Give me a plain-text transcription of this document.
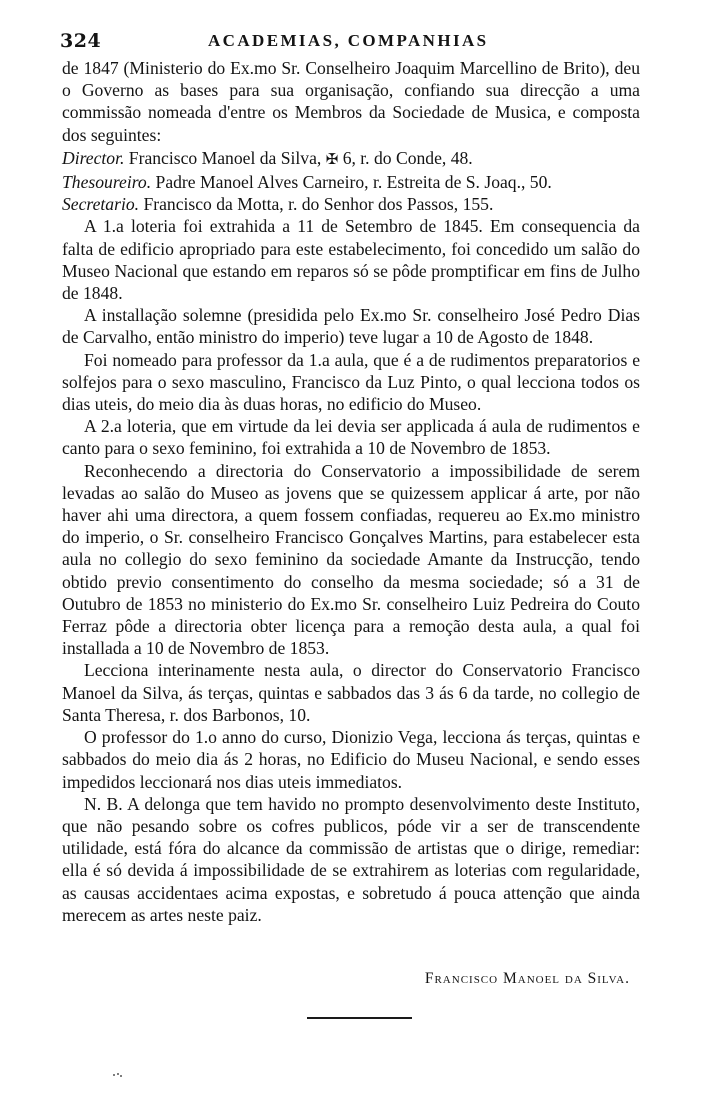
324	ACADEMIAS, COMPANHIAS

de 1847 (Ministerio do Ex.mo Sr. Conselheiro Joaquim Marcellino de Brito), deu o Governo as bases para sua organisação, confiando sua direcção a uma commissão nomeada d'entre os Membros da Sociedade de Musica, e composta dos seguintes:

Director. Francisco Manoel da Silva, ✠ 6, r. do Conde, 48.
Thesoureiro. Padre Manoel Alves Carneiro, r. Estreita de S. Joaq., 50.
Secretario. Francisco da Motta, r. do Senhor dos Passos, 155.

A 1.a loteria foi extrahida a 11 de Setembro de 1845. Em consequencia da falta de edificio apropriado para este estabelecimento, foi concedido um salão do Museo Nacional que estando em reparos só se pôde promptificar em fins de Julho de 1848.

A installação solemne (presidida pelo Ex.mo Sr. conselheiro José Pedro Dias de Carvalho, então ministro do imperio) teve lugar a 10 de Agosto de 1848.

Foi nomeado para professor da 1.a aula, que é a de rudimentos preparatorios e solfejos para o sexo masculino, Francisco da Luz Pinto, o qual lecciona todos os dias uteis, do meio dia às duas horas, no edificio do Museo.

A 2.a loteria, que em virtude da lei devia ser applicada á aula de rudimentos e canto para o sexo feminino, foi extrahida a 10 de Novembro de 1853.

Reconhecendo a directoria do Conservatorio a impossibilidade de serem levadas ao salão do Museo as jovens que se quizessem applicar á arte, por não haver ahi uma directora, a quem fossem confiadas, requereu ao Ex.mo ministro do imperio, o Sr. conselheiro Francisco Gonçalves Martins, para estabelecer esta aula no collegio do sexo feminino da sociedade Amante da Instrucção, tendo obtido previo consentimento do conselho da mesma sociedade; só a 31 de Outubro de 1853 no ministerio do Ex.mo Sr. conselheiro Luiz Pedreira do Couto Ferraz pôde a directoria obter licença para a remoção desta aula, a qual foi installada a 10 de Novembro de 1853.

Lecciona interinamente nesta aula, o director do Conservatorio Francisco Manoel da Silva, ás terças, quintas e sabbados das 3 ás 6 da tarde, no collegio de Santa Theresa, r. dos Barbonos, 10.

O professor do 1.o anno do curso, Dionizio Vega, lecciona ás terças, quintas e sabbados do meio dia ás 2 horas, no Edificio do Museu Nacional, e sendo esses impedidos leccionará nos dias uteis immediatos.

N. B. A delonga que tem havido no prompto desenvolvimento deste Instituto, que não pesando sobre os cofres publicos, póde vir a ser de transcendente utilidade, está fóra do alcance da commissão de artistas que o dirige, remediar: ella é só devida á impossibilidade de se extrahirem as loterias com regularidade, as causas accidentaes acima expostas, e sobretudo á pouca attenção que ainda merecem as artes neste paiz.

Francisco Manoel da Silva.
